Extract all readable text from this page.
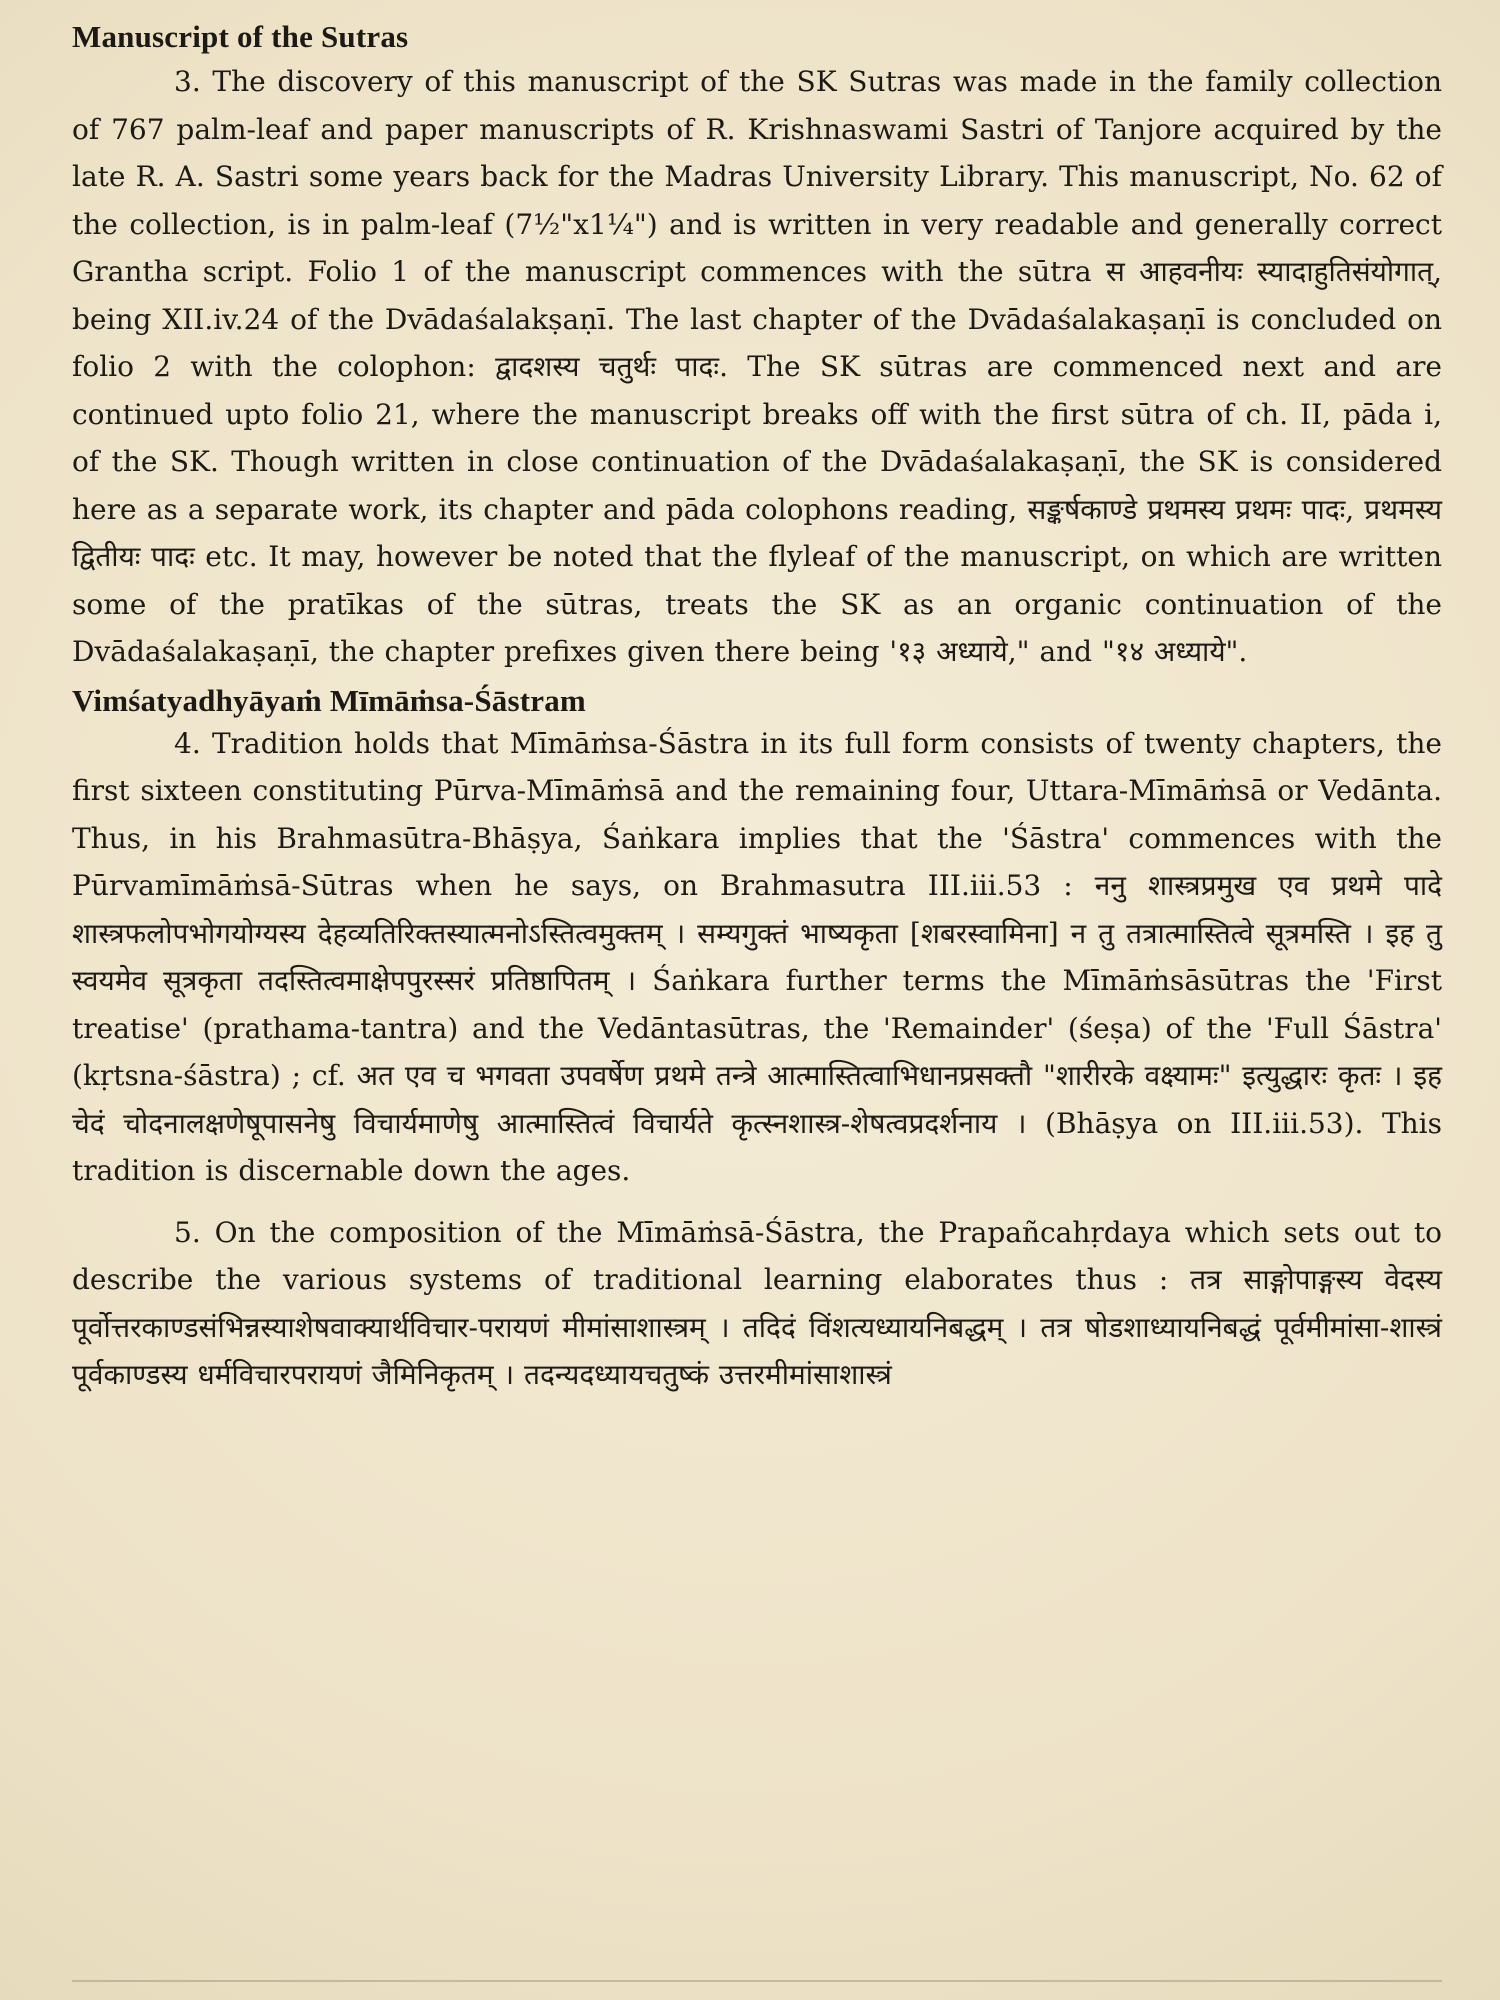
Manuscript of the Sutras

3. The discovery of this manuscript of the SK Sutras was made in the family collection of 767 palm-leaf and paper manuscripts of R. Krishnaswami Sastri of Tanjore acquired by the late R. A. Sastri some years back for the Madras University Library. This manuscript, No. 62 of the collection, is in palm-leaf (7½"x1¼") and is written in very readable and generally correct Grantha script. Folio 1 of the manuscript commences with the sūtra स आहवनीयः स्यादाहुतिसंयोगात्, being XII.iv.24 of the Dvādaśalakṣaṇī. The last chapter of the Dvādaśalakaṣaṇī is concluded on folio 2 with the colophon: द्वादशस्य चतुर्थः पादः. The SK sūtras are commenced next and are continued upto folio 21, where the manuscript breaks off with the first sūtra of ch. II, pāda i, of the SK. Though written in close continuation of the Dvādaśalakaṣaṇī, the SK is considered here as a separate work, its chapter and pāda colophons reading, सङ्कर्षकाण्डे प्रथमस्य प्रथमः पादः, प्रथमस्य द्वितीयः पादः etc. It may, however be noted that the flyleaf of the manuscript, on which are written some of the pratīkas of the sūtras, treats the SK as an organic continuation of the Dvādaśalakaṣaṇī, the chapter prefixes given there being '१३ अध्याये," and "१४ अध्याये".

Vimśatyadhyāyaṁ Mīmāṁsa-Śāstram

4. Tradition holds that Mīmāṁsa-Śāstra in its full form consists of twenty chapters, the first sixteen constituting Pūrva-Mīmāṁsā and the remaining four, Uttara-Mīmāṁsā or Vedānta. Thus, in his Brahmasūtra-Bhāṣya, Śaṅkara implies that the 'Śāstra' commences with the Pūrvamīmāṁsā-Sūtras when he says, on Brahmasutra III.iii.53 : ननु शास्त्रप्रमुख एव प्रथमे पादे शास्त्रफलोपभोगयोग्यस्य देहव्यतिरिक्तस्यात्मनोऽस्तित्वमुक्तम् । सम्यगुक्तं भाष्यकृता [शबरस्वामिना] न तु तत्रात्मास्तित्वे सूत्रमस्ति । इह तु स्वयमेव सूत्रकृता तदस्तित्वमाक्षेपपुरस्सरं प्रतिष्ठापितम् । Śaṅkara further terms the Mīmāṁsāsūtras the 'First treatise' (prathama-tantra) and the Vedāntasūtras, the 'Remainder' (śeṣa) of the 'Full Śāstra' (kṛtsna-śāstra) ; cf. अत एव च भगवता उपवर्षेण प्रथमे तन्त्रे आत्मास्तित्वाभिधानप्रसक्तौ "शारीरके वक्ष्यामः" इत्युद्धारः कृतः । इह चेदं चोदनालक्षणेषूपासनेषु विचार्यमाणेषु आत्मास्तित्वं विचार्यते कृत्स्नशास्त्र-शेषत्वप्रदर्शनाय । (Bhāṣya on III.iii.53). This tradition is discernable down the ages.

5. On the composition of the Mīmāṁsā-Śāstra, the Prapañcahṛdaya which sets out to describe the various systems of traditional learning elaborates thus : तत्र साङ्गोपाङ्गस्य वेदस्य पूर्वोत्तरकाण्डसंभिन्नस्याशेषवाक्यार्थविचार-परायणं मीमांसाशास्त्रम् । तदिदं विंशत्यध्यायनिबद्धम् । तत्र षोडशाध्यायनिबद्धं पूर्वमीमांसा-शास्त्रं पूर्वकाण्डस्य धर्मविचारपरायणं जैमिनिकृतम् । तदन्यदध्यायचतुष्कं उत्तरमीमांसाशास्त्रं
